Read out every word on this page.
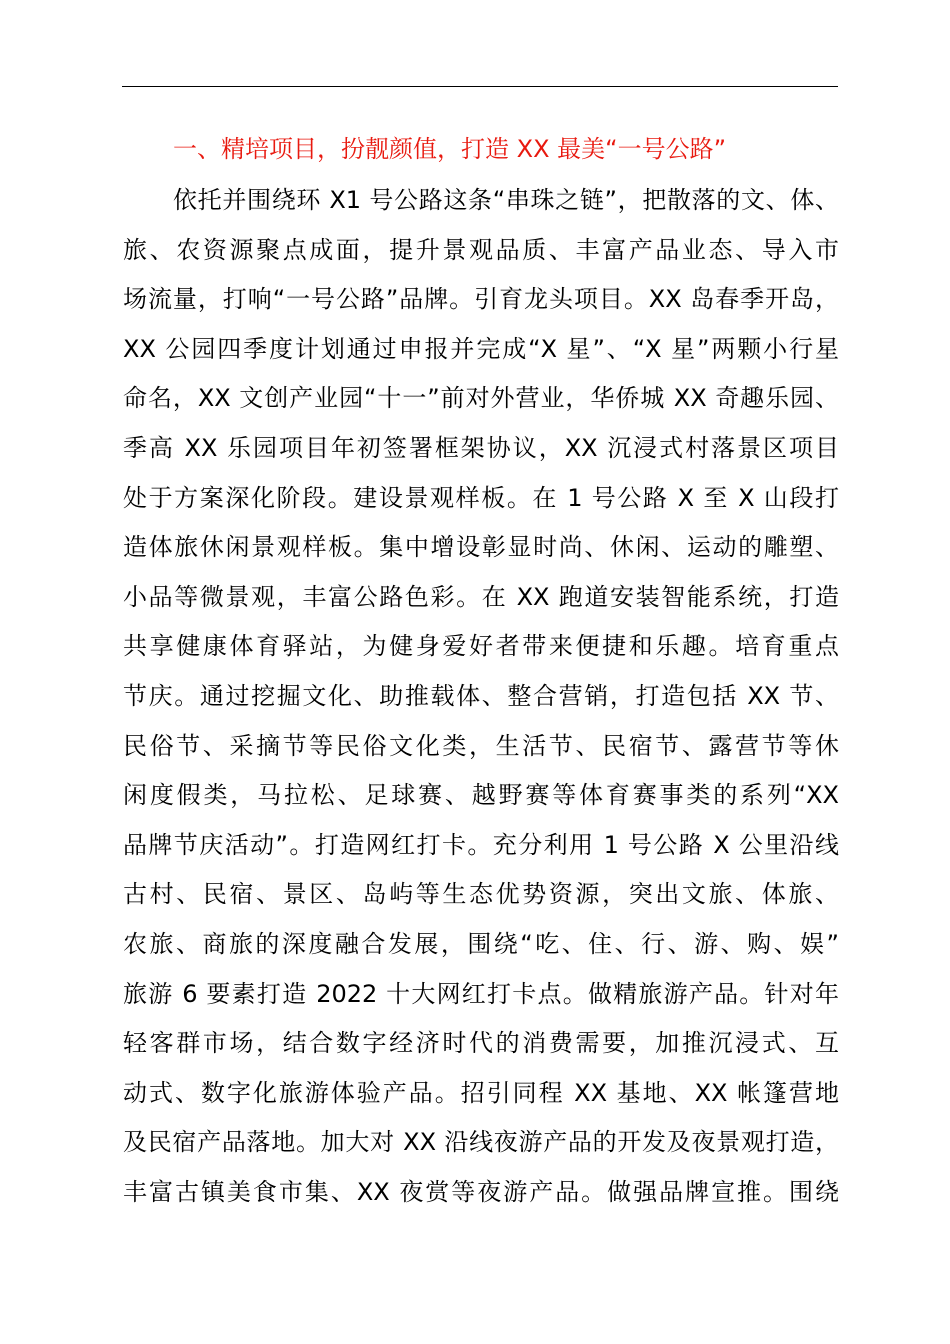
一、精培项目，扮靓颜值，打造 XX 最美“一号公路”
依托并围绕环 X1 号公路这条“串珠之链”，把散落的文、体、
旅、农资源聚点成面，提升景观品质、丰富产品业态、导入市
场流量，打响“一号公路”品牌。引育龙头项目。XX 岛春季开岛，
XX 公园四季度计划通过申报并完成“X 星”、“X 星”两颗小行星
命名，XX 文创产业园“十一”前对外营业，华侨城 XX 奇趣乐园、
季高 XX 乐园项目年初签署框架协议，XX 沉浸式村落景区项目
处于方案深化阶段。建设景观样板。在 1 号公路 X 至 X 山段打
造体旅休闲景观样板。集中增设彰显时尚、休闲、运动的雕塑、
小品等微景观，丰富公路色彩。在 XX 跑道安装智能系统，打造
共享健康体育驿站，为健身爱好者带来便捷和乐趣。培育重点
节庆。通过挖掘文化、助推载体、整合营销，打造包括 XX 节、
民俗节、采摘节等民俗文化类，生活节、民宿节、露营节等休
闲度假类，马拉松、足球赛、越野赛等体育赛事类的系列“XX
品牌节庆活动”。打造网红打卡。充分利用 1 号公路 X 公里沿线
古村、民宿、景区、岛屿等生态优势资源，突出文旅、体旅、
农旅、商旅的深度融合发展，围绕“吃、住、行、游、购、娱”
旅游 6 要素打造 2022 十大网红打卡点。做精旅游产品。针对年
轻客群市场，结合数字经济时代的消费需要，加推沉浸式、互
动式、数字化旅游体验产品。招引同程 XX 基地、XX 帐篷营地
及民宿产品落地。加大对 XX 沿线夜游产品的开发及夜景观打造，
丰富古镇美食市集、XX 夜赏等夜游产品。做强品牌宣推。围绕
